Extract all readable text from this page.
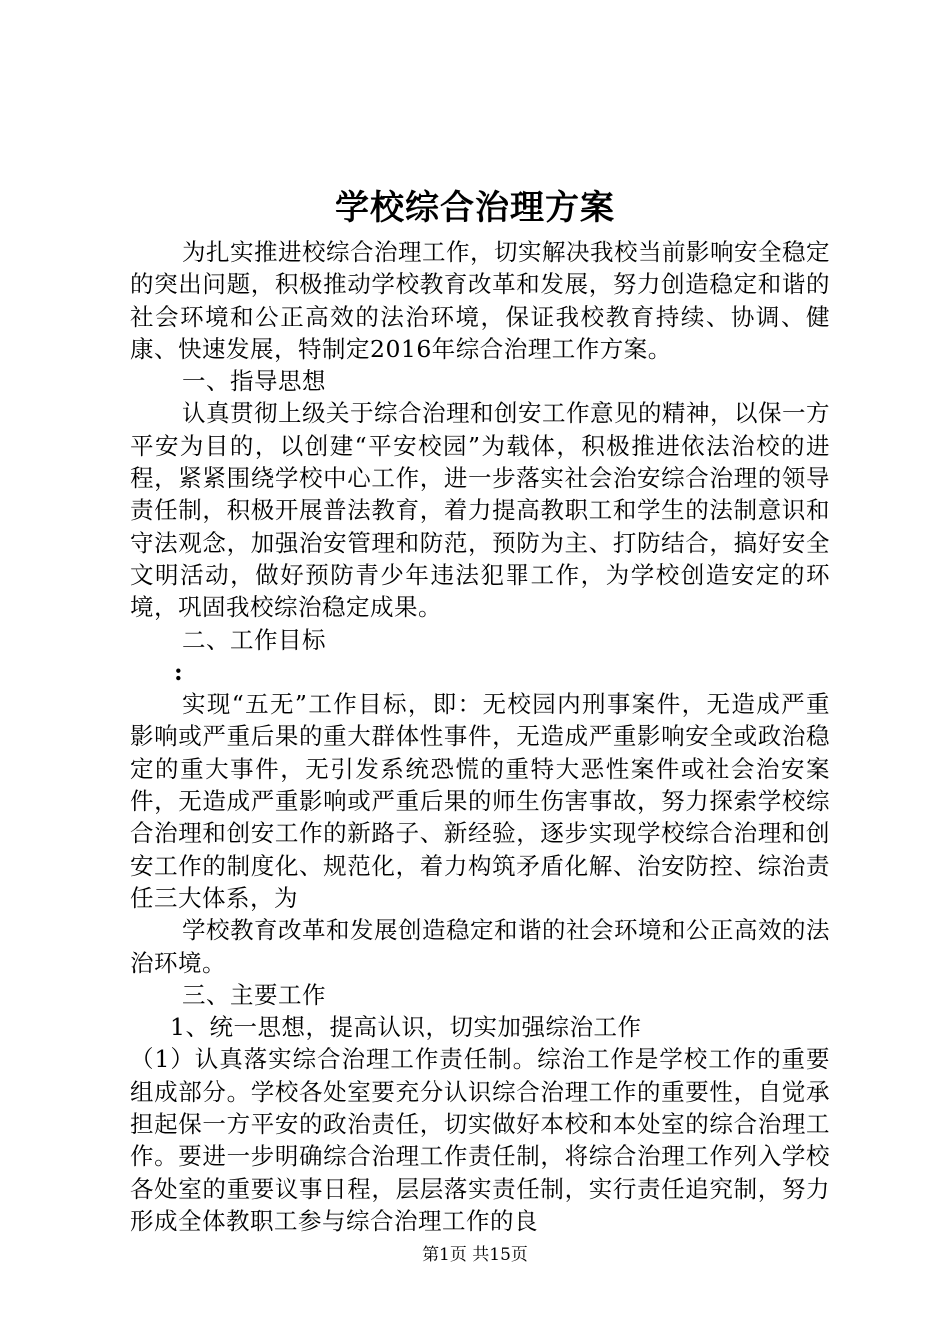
学校综合治理方案

为扎实推进校综合治理工作，切实解决我校当前影响安全稳定的突出问题，积极推动学校教育改革和发展，努力创造稳定和谐的社会环境和公正高效的法治环境，保证我校教育持续、协调、健康、快速发展，特制定2016年综合治理工作方案。

一、指导思想

认真贯彻上级关于综合治理和创安工作意见的精神，以保一方平安为目的，以创建“平安校园”为载体，积极推进依法治校的进程，紧紧围绕学校中心工作，进一步落实社会治安综合治理的领导责任制，积极开展普法教育，着力提高教职工和学生的法制意识和守法观念，加强治安管理和防范，预防为主、打防结合，搞好安全文明活动，做好预防青少年违法犯罪工作，为学校创造安定的环境，巩固我校综治稳定成果。

二、工作目标

:

实现“五无”工作目标，即：无校园内刑事案件，无造成严重影响或严重后果的重大群体性事件，无造成严重影响安全或政治稳定的重大事件，无引发系统恐慌的重特大恶性案件或社会治安案件，无造成严重影响或严重后果的师生伤害事故，努力探索学校综合治理和创安工作的新路子、新经验，逐步实现学校综合治理和创安工作的制度化、规范化，着力构筑矛盾化解、治安防控、综治责任三大体系，为

学校教育改革和发展创造稳定和谐的社会环境和公正高效的法治环境。

三、主要工作

1、统一思想，提高认识，切实加强综治工作

（1）认真落实综合治理工作责任制。综治工作是学校工作的重要组成部分。学校各处室要充分认识综合治理工作的重要性，自觉承担起保一方平安的政治责任，切实做好本校和本处室的综合治理工作。要进一步明确综合治理工作责任制，将综合治理工作列入学校各处室的重要议事日程，层层落实责任制，实行责任追究制，努力形成全体教职工参与综合治理工作的良

第1页 共15页
